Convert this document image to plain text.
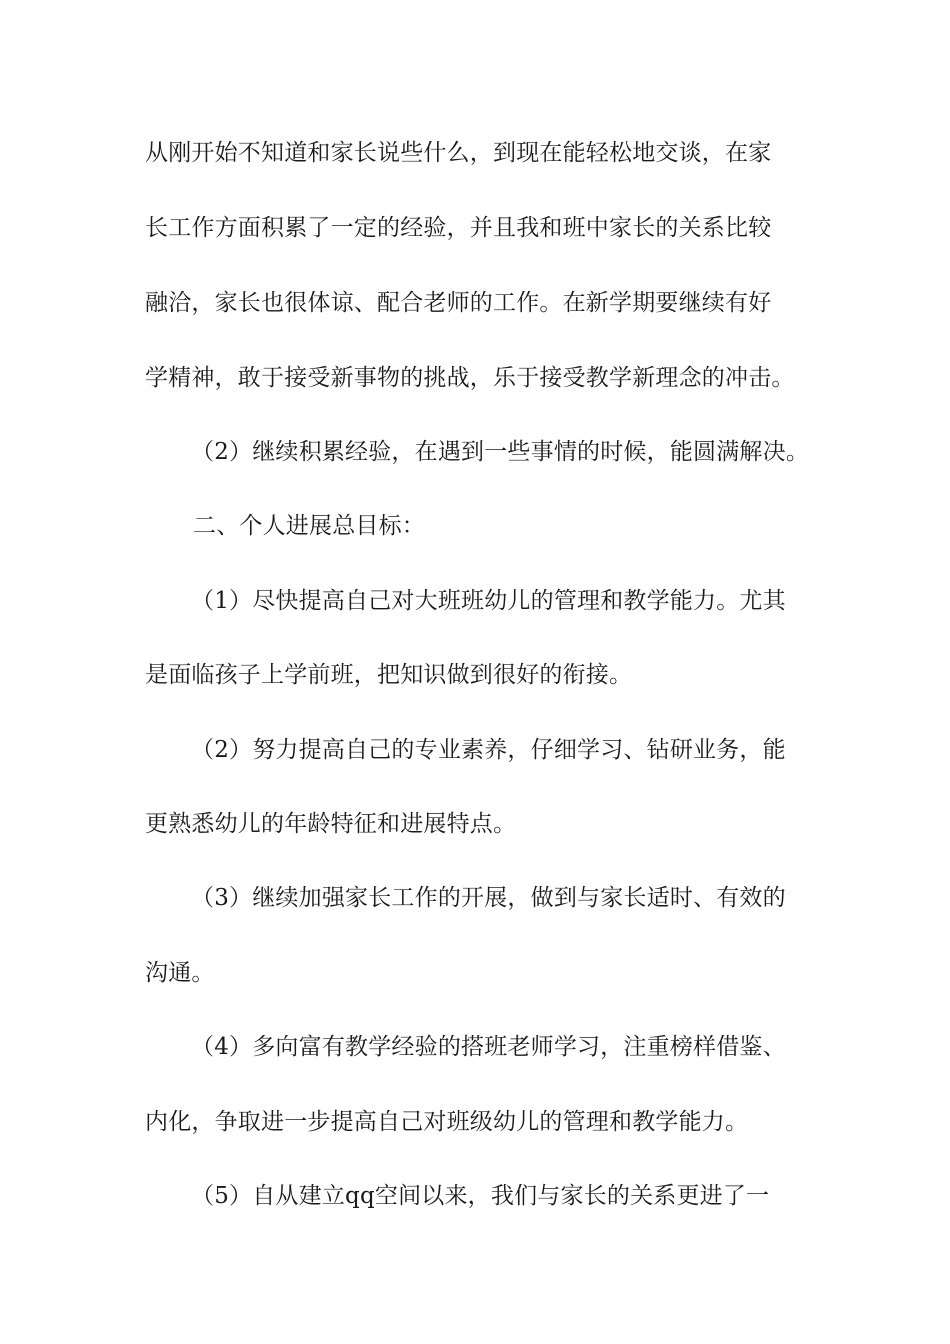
从刚开始不知道和家长说些什么，到现在能轻松地交谈，在家
长工作方面积累了一定的经验，并且我和班中家长的关系比较
融洽，家长也很体谅、配合老师的工作。在新学期要继续有好
学精神，敢于接受新事物的挑战，乐于接受教学新理念的冲击。
（2）继续积累经验，在遇到一些事情的时候，能圆满解决。
二、个人进展总目标：
（1）尽快提高自己对大班班幼儿的管理和教学能力。尤其
是面临孩子上学前班，把知识做到很好的衔接。
（2）努力提高自己的专业素养，仔细学习、钻研业务，能
更熟悉幼儿的年龄特征和进展特点。
（3）继续加强家长工作的开展，做到与家长适时、有效的
沟通。
（4）多向富有教学经验的搭班老师学习，注重榜样借鉴、
内化，争取进一步提高自己对班级幼儿的管理和教学能力。
（5）自从建立qq空间以来，我们与家长的关系更进了一
